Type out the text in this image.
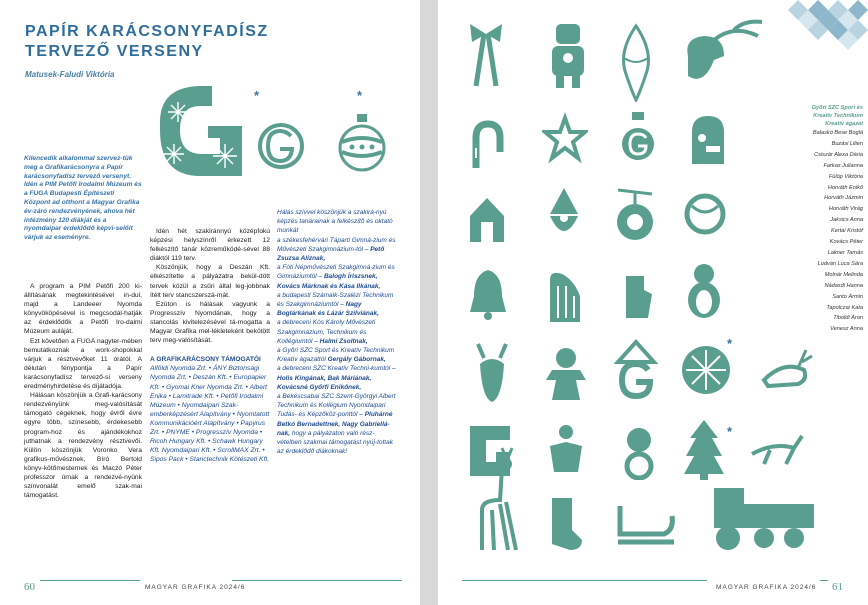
PAPÍR KARÁCSONYFADÍSZ
TERVEZŐ VERSENY
Matusek-Faludi Viktória
*	*
Kilencedik alkalommal szervez-tük meg a Grafikarácsonyra a Papír karácsonyfadísz tervező versenyt. Idén a PIM Petőfi Irodalmi Múzeum és a FUGA Budapesti Építészeti Központ ad otthont a Magyar Grafika év-záró rendezvényének, ahova hét intézmény 120 diákját és a nyomdaipar érdeklődő képvi-selőit várjuk az eseményre.

A program a PIM Petőfi 200 ki-állításának megtekintésével in-dul, majd a Landeeer Nyomda könyvököpésével is megcsodál-hatják az érdeklődők a Petőfi Iro-dalmi Múzeum auláját.

Ezt követően a FUGA nagyter-mében bemutatkoznak a work-shopokkal várjuk a résztvevőket 11 órától. A délután fénypontja a Papír karácsonyfadísz tervező-si verseny eredményhirdetése és díjátadója.

Hálásan köszönjük a Grafi-karácsony rendezvényünk meg-valósítását támogató cégeknek, hogy évről évre egyre több, színesebb, érdekesebb program-hoz és ajándékokhoz juthatnak a rendezvény résztvevői. Külön köszönjük Voronko Vera grafikus-művésznek, Bíró Bertold könyv-kötőmesternek és Maczó Péter professzor úrnak a rendezvé-nyünk színvonalát emelő szak-mai támogatást.

Idén hét szakiránnyú középfokú képzési helyszínről érkezett 12 felkészítő tanár közreműködé-sével 88 diáktól 119 terv.

Köszönjük, hogy a Deszán Kft. elkészítette a pályázatra bekül-dött tervek közül a zsűri által leg-jobbnak ítélt terv stancszerszá-mát.

Ezúton is hálásak vagyunk a Progresszív Nyomdának, hogy a stancolás kivitelezésével tá-mogatta a Magyar Grafika mel-lékleteként bekötött terv meg-valósítását.

A GRAFIKARÁCSONY TÁMOGATÓI
Alföldi Nyomda Zrt. • ÁNY Biztonsági Nyomda Zrt. • Deszán Kft. • Europapier Kft. • Gyomai Kner Nyomda Zrt. • Albert Enika • Lamitrade Kft. • Petőfi Irodalmi Múzeum • Nyomdaipari Szak-emberképzésért Alapítvány • Nyomtatott Kommunikációért Alapítvány • Papyrus Zrt. • PNYME • Progresszív Nyomda • Ricoh Hungary Kft. • Schawk Hungary Kft. Nyomdaipari Kft. • ScrollMAX Zrt. • Sipos Pack • Stanctechnik Kötészeti Kft.
Hálás szívvel köszönjük a szakirá-nyú képzés tanárainak a felkészítő és oktató munkát
a székesfehérvári Táparti Gimná-zium és Művészeti Szakgimnázium-tól – Pető Zsuzsa Aliznak,
a Fóti Népművészeti Szakgimná-zium és Gimnáziumtól – Balogh Íriszsnek, Kovács Márknak és Kása Ilkának,
a budapesti Számalk-Szalézi Technikum és Szakgimnáziumtól – Nagy Boglárkának és Lázár Szilviának,
a debreceni Kós Károly Művészeti Szakgimnázium, Technikum és Kollégiumtól – Halmi Zsoltnak,
a Győri SZC Sport és Kreatív Technikum Kreatív ágazattól Gergály Gábornak,
a debreceni SZC Kreatív Techni-kumtól – Holis Kingának, Bak Máriának, Kovácsné Győrfi Enikőnek,
a Békéscsabai SZC Szent-Györgyi Albert Technikum és Kollégium Nyomdaipari Tudás- és Képzőköz-ponttól – Pluhárné Betkó Bernadettnek, Nagy Gabriellá-nak, hogy a pályázaton való rész-vételben szakmai támogatást nyúj-tottak az érdeklődő diákoknak!
60	MAGYAR GRAFIKA 2024/6
*
*
Győri SZC Sport és
Kreatív Technikum
Kreatív ágazat
Balaskó Bese Boglá
Buzási Lilien
Csiszár Alexa Dária
Farkas Julianna
Fülöp Viktória
Horváth Enikő
Horváth Jázmin
Horváth Virág
Jaksics Anna
Kertai Kristóf
Kovács Péter
Lakner Tamás
Ludván Luca Sára
Molnár Melinda
Nádasdi Hanna
Santo Ármin
Tapolczai Kata
Tiboldi Áron
Venesz Anna
MAGYAR GRAFIKA 2024/6 61
